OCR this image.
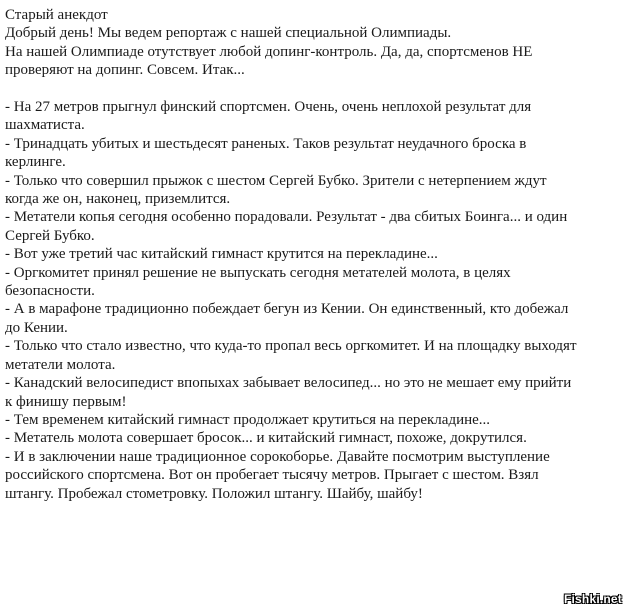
Старый анекдот
Добрый день! Мы ведем репортаж с нашей специальной Олимпиады.
На нашей Олимпиаде отутствует любой допинг-контроль. Да, да, спортсменов НЕ
проверяют на допинг. Совсем. Итак...
- На 27 метров прыгнул финский спортсмен. Очень, очень неплохой результат для
шахматиста.
- Тринадцать убитых и шестьдесят раненых. Таков результат неудачного броска в
керлинге.
- Только что совершил прыжок с шестом Сергей Бубко. Зрители с нетерпением ждут
когда же он, наконец, приземлится.
- Метатели копья сегодня особенно порадовали. Результат - два сбитых Боинга... и один
Сергей Бубко.
- Вот уже третий час китайский гимнаст крутится на перекладине...
- Оргкомитет принял решение не выпускать сегодня метателей молота, в целях
безопасности.
- А в марафоне традиционно побеждает бегун из Кении. Он единственный, кто добежал
до Кении.
- Только что стало известно, что куда-то пропал весь оргкомитет. И на площадку выходят
метатели молота.
- Канадский велосипедист впопыхах забывает велосипед... но это не мешает ему прийти
к финишу первым!
- Тем временем китайский гимнаст продолжает крутиться на перекладине...
- Метатель молота совершает бросок... и китайский гимнаст, похоже, докрутился.
- И в заключении наше традиционное сорокоборье. Давайте посмотрим выступление
российского спортсмена. Вот он пробегает тысячу метров. Прыгает с шестом. Взял
штангу. Пробежал стометровку. Положил штангу. Шайбу, шайбу!
Fishki.net
